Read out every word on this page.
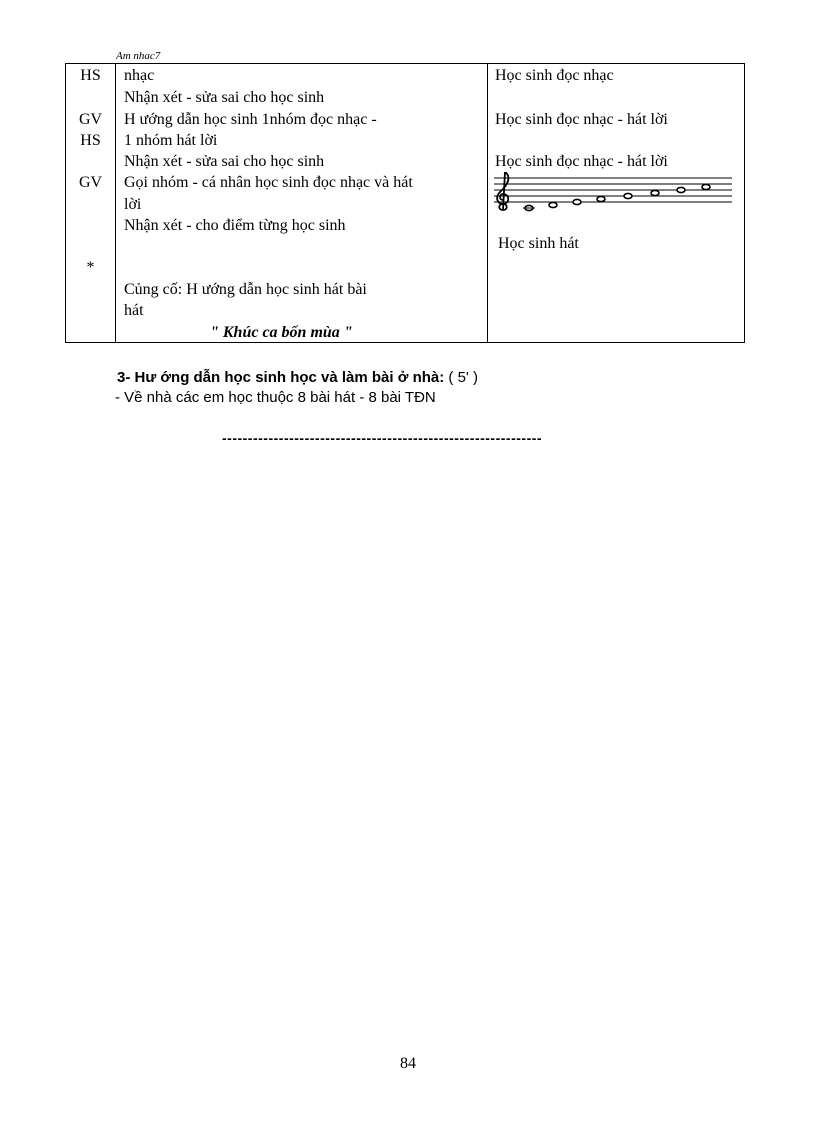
Am nhac7
HS
GV
HS
GV
*
nhạc
Nhận xét - sửa sai cho học sinh
H ướng dẫn học sinh 1nhóm đọc nhạc -
1 nhóm hát lời
Nhận xét - sửa sai cho học sinh
Gọi nhóm - cá nhân học sinh đọc nhạc và hát
lời
Nhận xét - cho điểm từng học sinh
Củng cố: H ướng dẫn học sinh hát bài
hát
" Khúc ca bốn mùa "
Học sinh đọc nhạc
Học sinh đọc nhạc - hát lời
Học sinh đọc nhạc - hát lời
Học sinh hát
3- Hư ớng dẫn học sinh học và làm bài ở nhà: ( 5' )
- Về nhà các em học thuộc 8 bài hát - 8 bài TĐN
--------------------------------------------------------------
84
